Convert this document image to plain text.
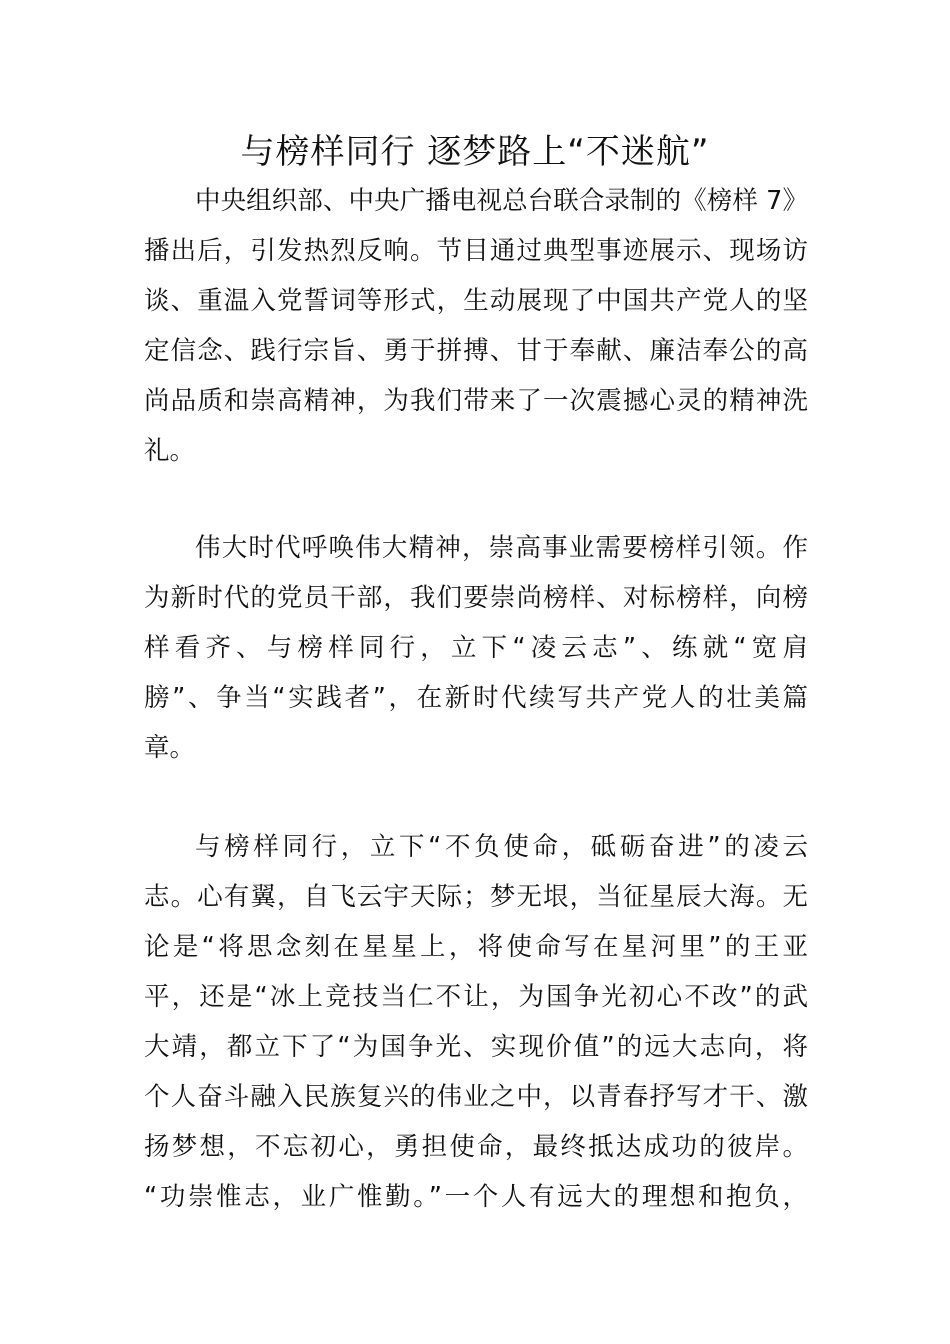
与榜样同行 逐梦路上“不迷航”
中央组织部、中央广播电视总台联合录制的《榜样 7》
播出后，引发热烈反响。节目通过典型事迹展示、现场访
谈、重温入党誓词等形式，生动展现了中国共产党人的坚
定信念、践行宗旨、勇于拼搏、甘于奉献、廉洁奉公的高
尚品质和崇高精神，为我们带来了一次震撼心灵的精神洗
礼。
伟大时代呼唤伟大精神，崇高事业需要榜样引领。作
为新时代的党员干部，我们要崇尚榜样、对标榜样，向榜
样看齐、与榜样同行，立下“凌云志”、练就“宽肩
膀”、争当“实践者”，在新时代续写共产党人的壮美篇
章。
与榜样同行，立下“不负使命，砥砺奋进”的凌云
志。心有翼，自飞云宇天际；梦无垠，当征星辰大海。无
论是“将思念刻在星星上，将使命写在星河里”的王亚
平，还是“冰上竞技当仁不让，为国争光初心不改”的武
大靖，都立下了“为国争光、实现价值”的远大志向，将
个人奋斗融入民族复兴的伟业之中，以青春抒写才干、激
扬梦想，不忘初心，勇担使命，最终抵达成功的彼岸。
“功崇惟志，业广惟勤。”一个人有远大的理想和抱负，
